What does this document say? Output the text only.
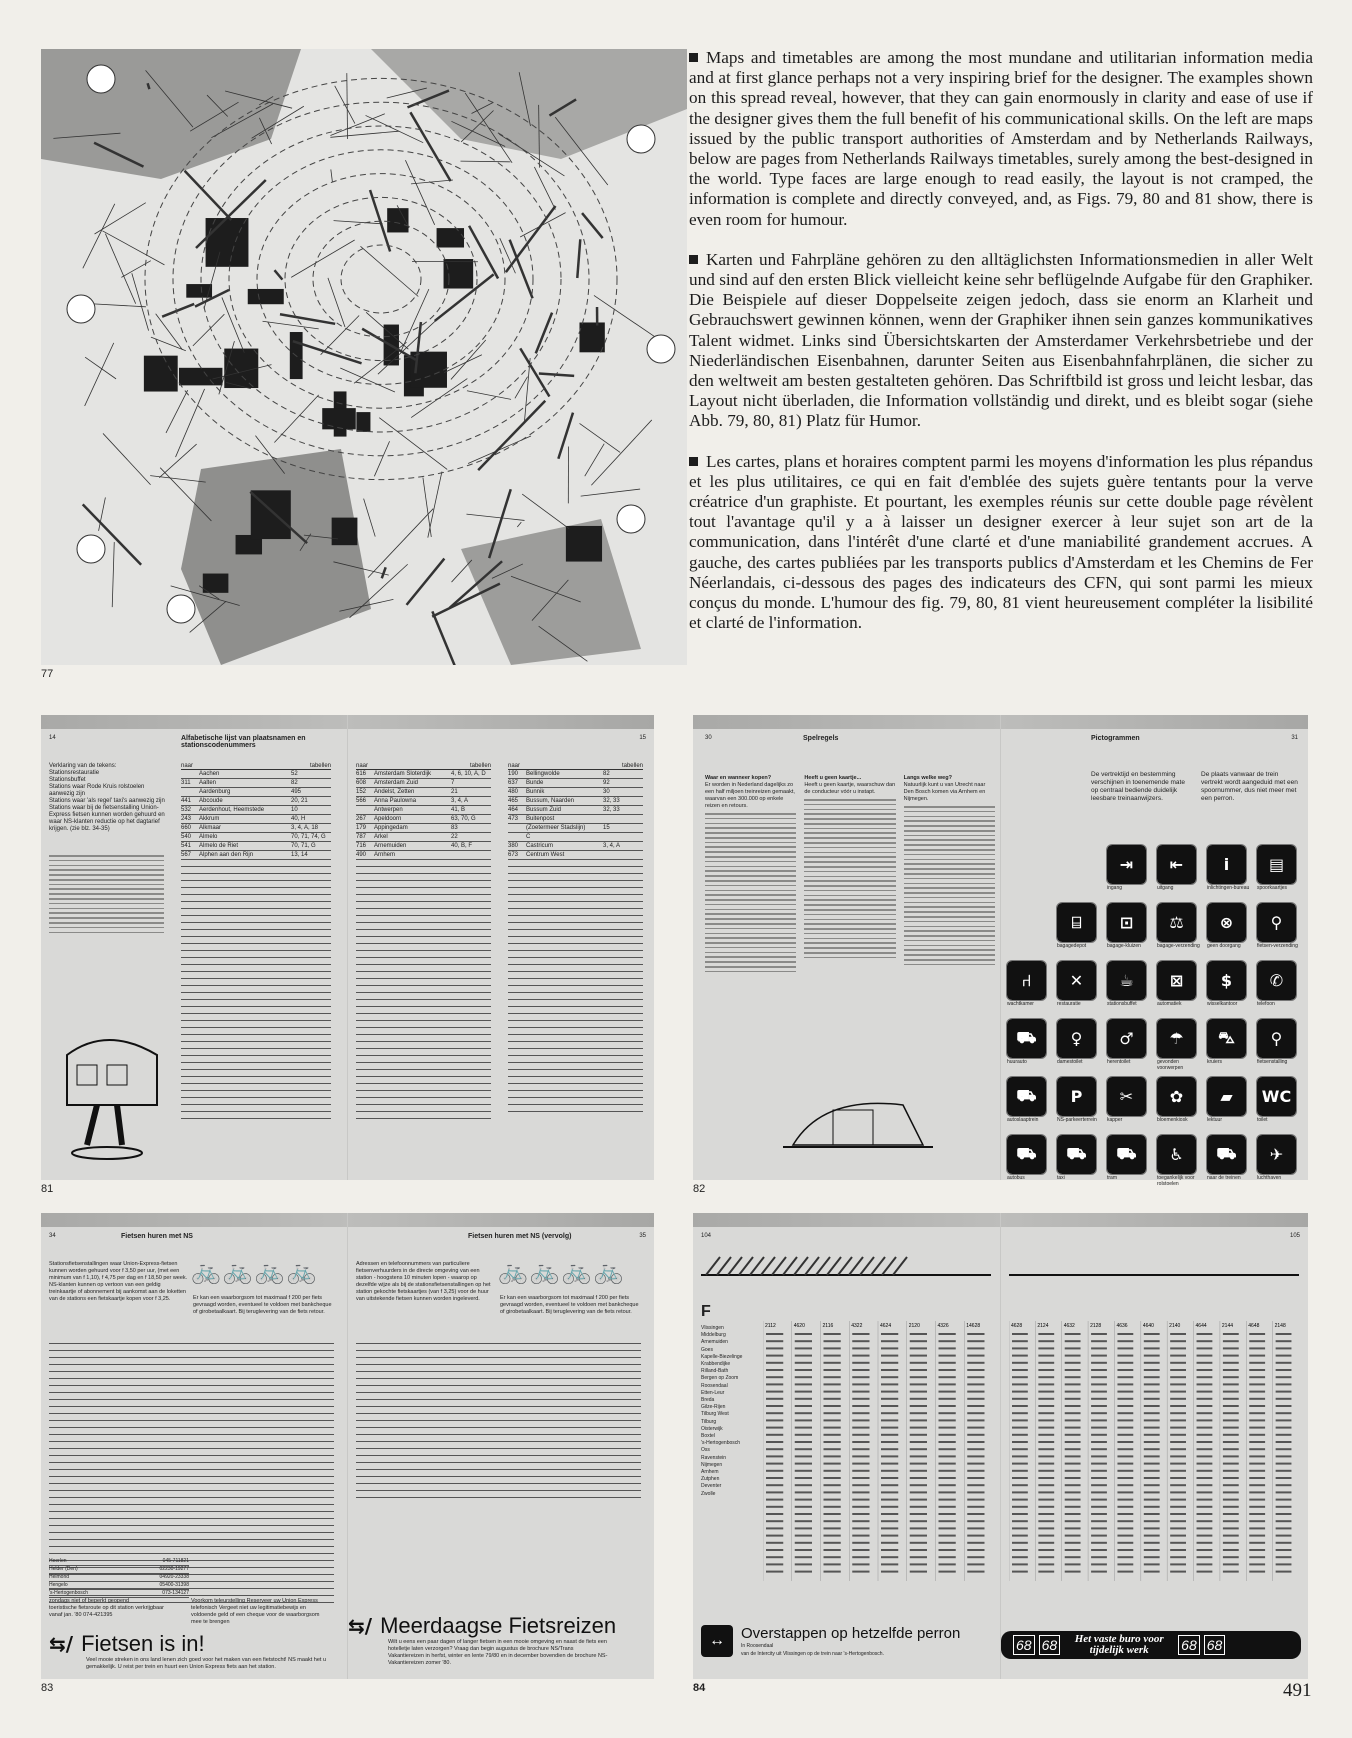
77

Maps and timetables are among the most mundane and utilitarian information media and at first glance perhaps not a very inspiring brief for the designer. The examples shown on this spread reveal, however, that they can gain enormously in clarity and ease of use if the designer gives them the full benefit of his communicational skills. On the left are maps issued by the public transport authorities of Amsterdam and by Netherlands Railways, below are pages from Netherlands Railways timetables, surely among the best-designed in the world. Type faces are large enough to read easily, the layout is not cramped, the information is complete and directly conveyed, and, as Figs. 79, 80 and 81 show, there is even room for humour.

Karten und Fahrpläne gehören zu den alltäglichsten Informationsmedien in aller Welt und sind auf den ersten Blick vielleicht keine sehr beflügelnde Aufgabe für den Graphiker. Die Beispiele auf dieser Doppelseite zeigen jedoch, dass sie enorm an Klarheit und Gebrauchswert gewinnen können, wenn der Graphiker ihnen sein ganzes kommunikatives Talent widmet. Links sind Übersichtskarten der Amsterdamer Verkehrsbetriebe und der Niederländischen Eisenbahnen, darunter Seiten aus Eisenbahnfahrplänen, die sicher zu den weltweit am besten gestalteten gehören. Das Schriftbild ist gross und leicht lesbar, das Layout nicht überladen, die Information vollständig und direkt, und es bleibt sogar (siehe Abb. 79, 80, 81) Platz für Humor.

Les cartes, plans et horaires comptent parmi les moyens d'information les plus répandus et les plus utilitaires, ce qui en fait d'emblée des sujets guère tentants pour la verve créatrice d'un graphiste. Et pourtant, les exemples réunis sur cette double page révèlent tout l'avantage qu'il y a à laisser un designer exercer à leur sujet son art de la communication, dans l'intérêt d'une clarté et d'une maniabilité grandement accrues. A gauche, des cartes publiées par les transports publics d'Amsterdam et les Chemins de Fer Néerlandais, ci-dessous des pages des indicateurs des CFN, qui sont parmi les mieux conçus du monde. L'humour des fig. 79, 80, 81 vient heureusement compléter la lisibilité et clarté de l'information.

14
Verklaring van de tekens:
Stationsrestauratie
Stationsbuffet
Stations waar Rode Kruis rolstoelen aanwezig zijn
Stations waar 'als regel' taxi's aanwezig zijn
Stations waar bij de fietsenstalling Union-Express fietsen kunnen worden gehuurd en waar NS-klanten reductie op het dagtarief krijgen. (zie blz. 34-35)
naar	tabellen
Aachen	52
311	Aalten	82
Aardenburg	495
441	Abcoude	20, 21
532	Aerdenhout, Heemstede	10
243	Akkrum	40, H
660	Alkmaar	3, 4, A, 18
540	Almelo	70, 71, 74, G
541	Almelo de Riet	70, 71, G
567	Alphen aan den Rijn	13, 14
Alfabetische lijst van plaatsnamen en stationscodenummers
15
naar	tabellen
616	Amsterdam Sloterdijk	4, 6, 10, A, D
608	Amsterdam Zuid	7
152	Andelst, Zetten	21
566	Anna Paulowna	3, 4, A
Antwerpen	41, B
267	Apeldoorn	63, 70, G
179	Appingedam	83
787	Arkel	22
716	Arnemuiden	40, B, F
490	Arnhem
naar	tabellen
190	Bellingwolde	82
637	Bunde	92
480	Bunnik	30
465	Bussum, Naarden	32, 33
464	Bussum Zuid	32, 33
473	Buitenpost
(Zoetermeer Stadslijn)	15
C
380	Castricum	3, 4, A
673	Centrum West
81
30	Spelregels
Waar en wanneer kopen?
Er worden in Nederland dagelijks zo een half miljoen treinreizen gemaakt, waarvan een 300.000 op enkele reizen en retours.
Heeft u geen kaartje...
Heeft u geen kaartje, waarschuw dan de conducteur vóór u instapt.
Langs welke weg?
Natuurlijk kunt u van Utrecht naar Den Bosch komen via Arnhem en Nijmegen.
31
Pictogrammen
De vertrektijd en bestemming verschijnen in toenemende mate op centraal bediende duidelijk leesbare treinaanwijzers.
De plaats vanwaar de trein vertrekt wordt aangeduid met een spoornummer, dus niet meer met een perron.
⇥
ingang
⇤
uitgang
i
inlichtingen-bureau
▤
spoorkaartjes
⌸
bagagedepot
⊡
bagage-kluizen
⚖
bagage-verzending
⊗
geen doorgang
⚲
fietsen-verzending
⑁
wachtkamer
✕
restauratie
☕
stationsbuffet
⊠
automatiek
$
wisselkantoor
✆
telefoon
⛟
huurauto
♀
damestoilet
♂
herentoilet
☂
gevonden voorwerpen
⛍
kruiers
⚲
fietsenstalling
⛟
autoslaaptrein
P
NS-parkeerterrein
✂
kapper
✿
bloemenkiosk
▰
lektuur
WC
toilet
⛟
autobus
⛟
taxi
⛟
tram
♿
toegankelijk voor rolstoelen
⛟
naar de treinen
✈
luchthaven
82
34	Fietsen huren met NS
Stationsfietsenstallingen waar Union-Express-fietsen kunnen worden gehuurd voor f 3,50 per uur, (met een minimum van f 1,10), f 4,75 per dag en f 18,50 per week. NS-klanten kunnen op vertoon van een geldig treinkaartje of abonnement bij aankomst aan de loketten van de stations een fietskaartje kopen voor f 3,25.
🚲🚲🚲🚲
Er kan een waarborgsom tot maximaal f 200 per fiets gevraagd worden, eventueel te voldoen met bankcheque of girobetaalkaart. Bij teruglevering van de fiets retour.
Heerlen	045-711821
Helder (Den)	02230-19277
Helmond	04920-23338
Hengelo	05400-31398
's-Hertogenbosch	073-134127
zondags niet of beperkt geopend
toeristische fietsroute op dit station verkrijgbaar
vanaf jan. '80 074-421395
Voorkom teleurstelling Reserveer uw Union Express telefonisch Vergeet niet uw legitimatiebewijs en voldoende geld of een cheque voor de waarborgsom mee te brengen
⇆/ Fietsen is in!
Veel mooie streken in ons land lenen zich goed voor het maken van een fietstocht! NS maakt het u gemakkelijk. U reist per trein en huurt een Union Express fiets aan het station.
35
Fietsen huren met NS (vervolg)
Adressen en telefoonnummers van particuliere fietsenverhuurders in de directe omgeving van een station - hoogstens 10 minuten lopen - waarop op dezelfde wijze als bij de stationsfietsenstallingen op het station gekochte fietskaartjes (van f 3,25) voor de huur van uitstekende fietsen kunnen worden ingeleverd.
🚲🚲🚲🚲
Er kan een waarborgsom tot maximaal f 200 per fiets gevraagd worden, eventueel te voldoen met bankcheque of girobetaalkaart. Bij teruglevering van de fiets retour.
⇆/ Meerdaagse Fietsreizen
Wilt u eens een paar dagen of langer fietsen in een mooie omgeving en naast de fiets een hotelletje laten verzorgen? Vraag dan begin augustus de brochure NS/Trans Vakantiereizen in herfst, winter en lente 79/80 en in december bovendien de brochure NS-Vakantiereizen zomer '80.
83
104
F
Vlissingen
Middelburg
Arnemuiden
Goes
Kapelle-Biezelinge
Krabbendijke
Rilland-Bath
Bergen op Zoom
Roosendaal
Etten-Leur
Breda
Gilze-Rijen
Tilburg West
Tilburg
Oisterwijk
Boxtel
's-Hertogenbosch
Oss
Ravenstein
Nijmegen
Arnhem
Zutphen
Deventer
Zwolle
2112	4620	2116	4322	4624	2120	4326	14628
↔	Overstappen op hetzelfde perron
In Roosendaal
van de Intercity uit Vlissingen op de trein naar 's-Hertogenbosch.
105
4628	2124	4632	2128	4636	4640	2140	4644	2144	4648	2148
68 68	Het vaste buro voor tijdelijk werk	68 68
84	491
